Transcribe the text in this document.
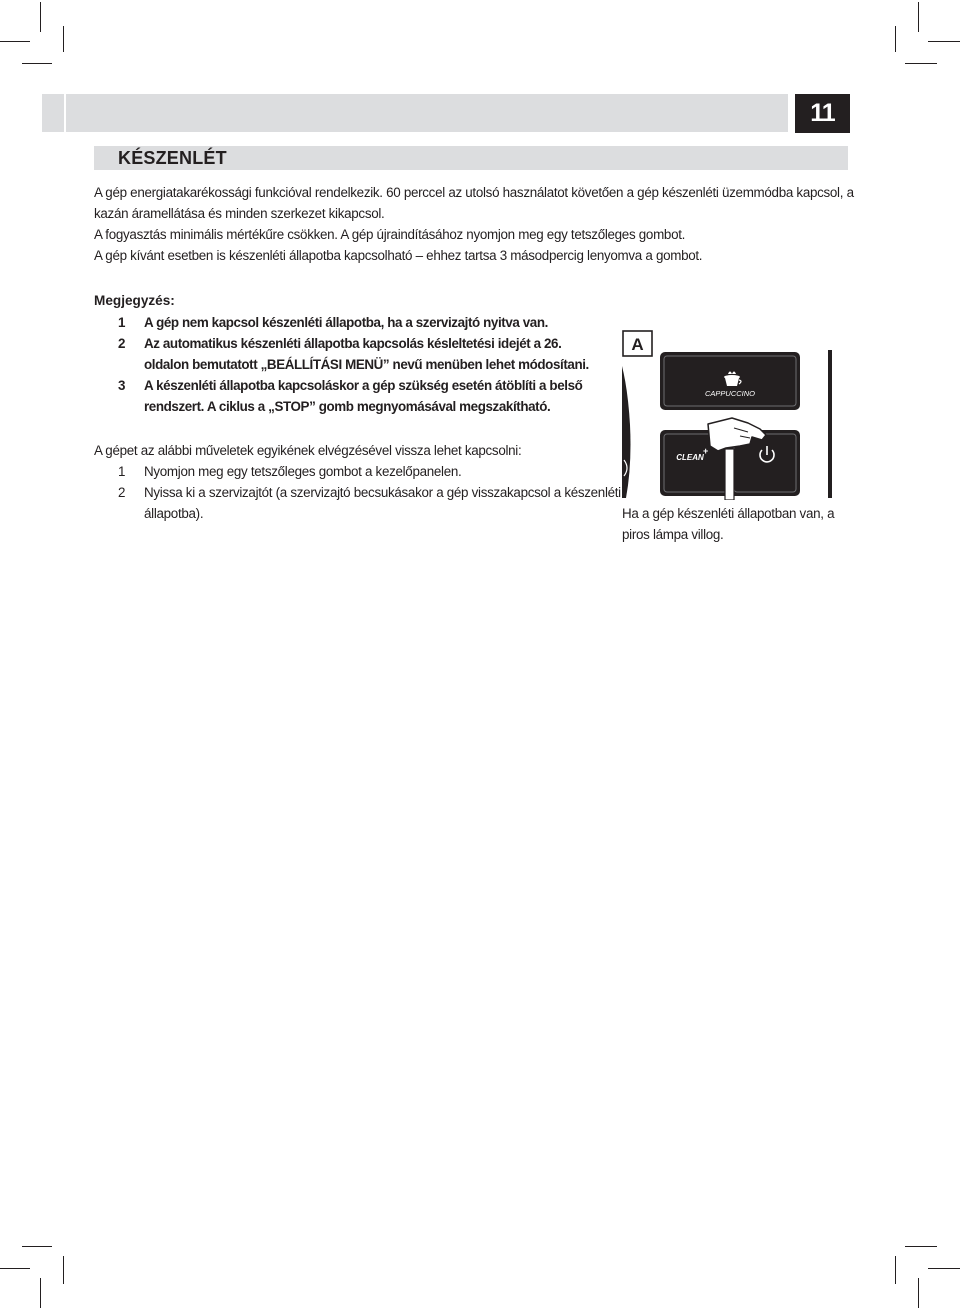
11
KÉSZENLÉT
A gép energiatakarékossági funkcióval rendelkezik. 60 perccel az utolsó használatot követően a gép készenléti üzemmódba kapcsol, a
kazán áramellátása és minden szerkezet kikapcsol.
A fogyasztás minimális mértékűre csökken. A gép újraindításához nyomjon meg egy tetszőleges gombot.
A gép kívánt esetben is készenléti állapotba kapcsolható – ehhez tartsa 3 másodpercig lenyomva a gombot.
Megjegyzés:
1 A gép nem kapcsol készenléti állapotba, ha a szervizajtó nyitva van.
2 Az automatikus készenléti állapotba kapcsolás késleltetési idejét a 26.
oldalon bemutatott „BEÁLLÍTÁSI MENÜ” nevű menüben lehet módosítani.
3 A készenléti állapotba kapcsoláskor a gép szükség esetén átöblíti a belső
rendszert. A ciklus a „STOP” gomb megnyomásával megszakítható.
A gépet az alábbi műveletek egyikének elvégzésével vissza lehet kapcsolni:
1 Nyomjon meg egy tetszőleges gombot a kezelőpanelen.
2 Nyissa ki a szervizajtót (a szervizajtó becsukásakor a gép visszakapcsol a készenléti
állapotba).
A
CAPPUCCINO
CLEAN
+
Ha a gép készenléti állapotban van, a
piros lámpa villog.
